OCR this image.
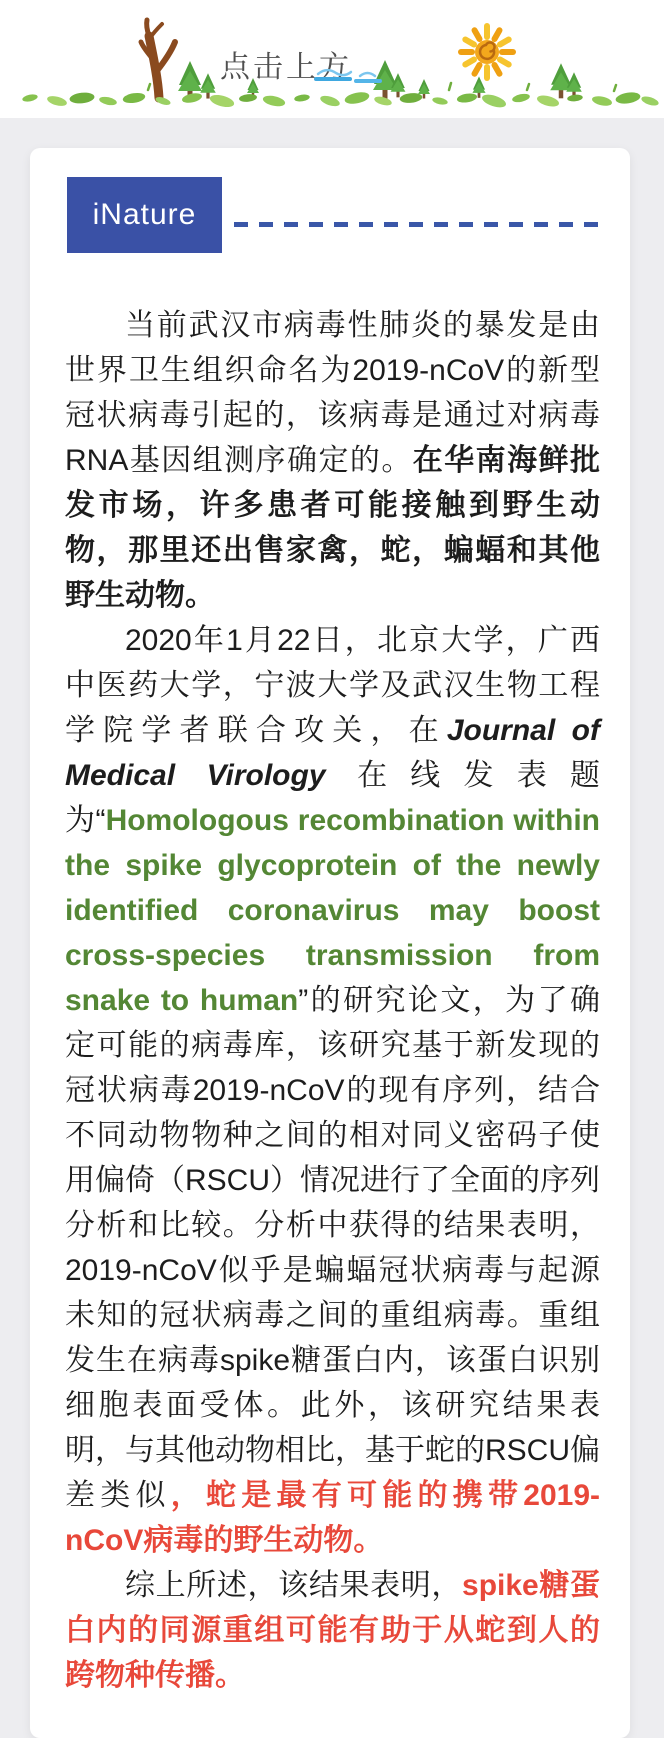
点击上方
iNature

当前武汉市病毒性肺炎的暴发是由世界卫生组织命名为2019-nCoV的新型冠状病毒引起的，该病毒是通过对病毒RNA基因组测序确定的。在华南海鲜批发市场，许多患者可能接触到野生动物，那里还出售家禽，蛇，蝙蝠和其他野生动物。

2020年1月22日，北京大学，广西中医药大学，宁波大学及武汉生物工程学院学者联合攻关，在Journal of Medical Virology 在线发表题为“Homologous recombination within the spike glycoprotein of the newly identified coronavirus may boost cross-species transmission from snake to human”的研究论文，为了确定可能的病毒库，该研究基于新发现的冠状病毒2019-nCoV的现有序列，结合不同动物物种之间的相对同义密码子使用偏倚（RSCU）情况进行了全面的序列分析和比较。分析中获得的结果表明，2019-nCoV似乎是蝙蝠冠状病毒与起源未知的冠状病毒之间的重组病毒。重组发生在病毒spike糖蛋白内，该蛋白识别细胞表面受体。此外，该研究结果表明，与其他动物相比，基于蛇的RSCU偏差类似，蛇是最有可能的携带2019-nCoV病毒的野生动物。

综上所述，该结果表明，spike糖蛋白内的同源重组可能有助于从蛇到人的跨物种传播。
